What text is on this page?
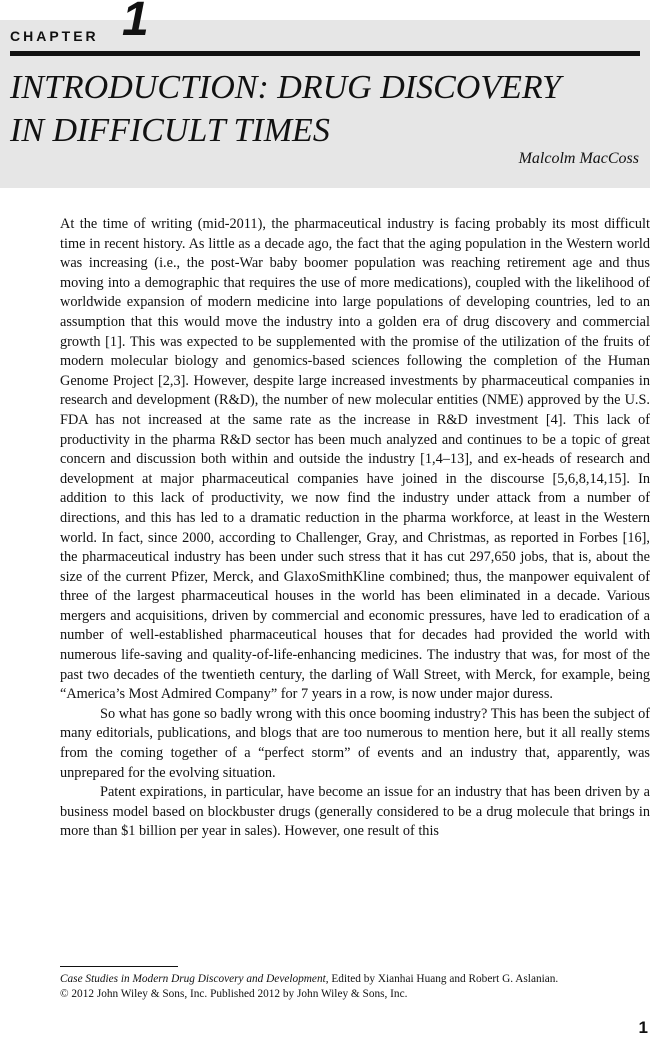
CHAPTER 1
INTRODUCTION: DRUG DISCOVERY
IN DIFFICULT TIMES
Malcolm MacCoss

At the time of writing (mid-2011), the pharmaceutical industry is facing probably its most difficult time in recent history. As little as a decade ago, the fact that the aging population in the Western world was increasing (i.e., the post-War baby boomer population was reaching retirement age and thus moving into a demographic that requires the use of more medications), coupled with the likelihood of worldwide expansion of modern medicine into large populations of developing countries, led to an assumption that this would move the industry into a golden era of drug discovery and commercial growth [1]. This was expected to be supplemented with the promise of the utilization of the fruits of modern molecular biology and genomics-based sciences following the completion of the Human Genome Project [2,3]. However, despite large increased investments by pharmaceutical companies in research and development (R&D), the number of new molecular entities (NME) approved by the U.S. FDA has not increased at the same rate as the increase in R&D investment [4]. This lack of productivity in the pharma R&D sector has been much analyzed and continues to be a topic of great concern and discussion both within and outside the industry [1,4–13], and ex-heads of research and development at major pharmaceutical companies have joined in the discourse [5,6,8,14,15]. In addition to this lack of productivity, we now find the industry under attack from a number of directions, and this has led to a dramatic reduction in the pharma workforce, at least in the Western world. In fact, since 2000, according to Challenger, Gray, and Christmas, as reported in Forbes [16], the pharmaceutical industry has been under such stress that it has cut 297,650 jobs, that is, about the size of the current Pfizer, Merck, and GlaxoSmithKline combined; thus, the manpower equivalent of three of the largest pharmaceutical houses in the world has been eliminated in a decade. Various mergers and acquisitions, driven by commercial and economic pressures, have led to eradication of a number of well-established pharmaceutical houses that for decades had provided the world with numerous life-saving and quality-of-life-enhancing medicines. The industry that was, for most of the past two decades of the twentieth century, the darling of Wall Street, with Merck, for example, being “America’s Most Admired Company” for 7 years in a row, is now under major duress.

So what has gone so badly wrong with this once booming industry? This has been the subject of many editorials, publications, and blogs that are too numerous to mention here, but it all really stems from the coming together of a “perfect storm” of events and an industry that, apparently, was unprepared for the evolving situation.

Patent expirations, in particular, have become an issue for an industry that has been driven by a business model based on blockbuster drugs (generally considered to be a drug molecule that brings in more than $1 billion per year in sales). However, one result of this

Case Studies in Modern Drug Discovery and Development, Edited by Xianhai Huang and Robert G. Aslanian.
© 2012 John Wiley & Sons, Inc. Published 2012 by John Wiley & Sons, Inc.
1
